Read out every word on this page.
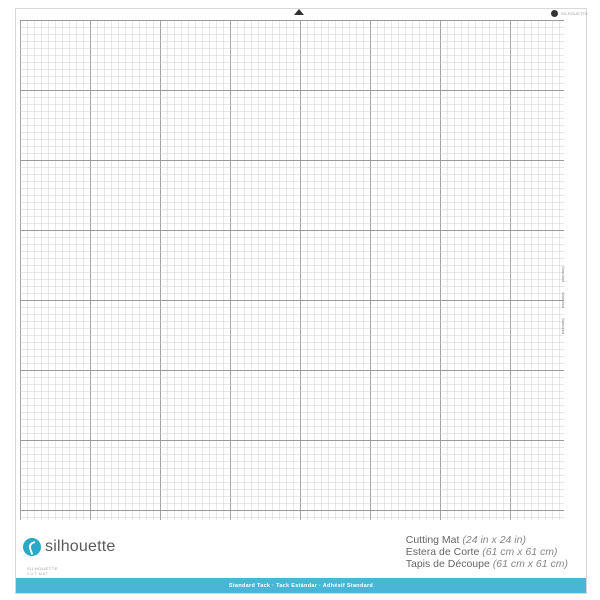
SILHOUETTE
Standard
Standard
Standard
silhouette
SILHOUETTE
CUT MAT
Cutting Mat (24 in x 24 in)
Estera de Corte (61 cm x 61 cm)
Tapis de Découpe (61 cm x 61 cm)
Standard Tack · Tack Estándar · Adhésif Standard
